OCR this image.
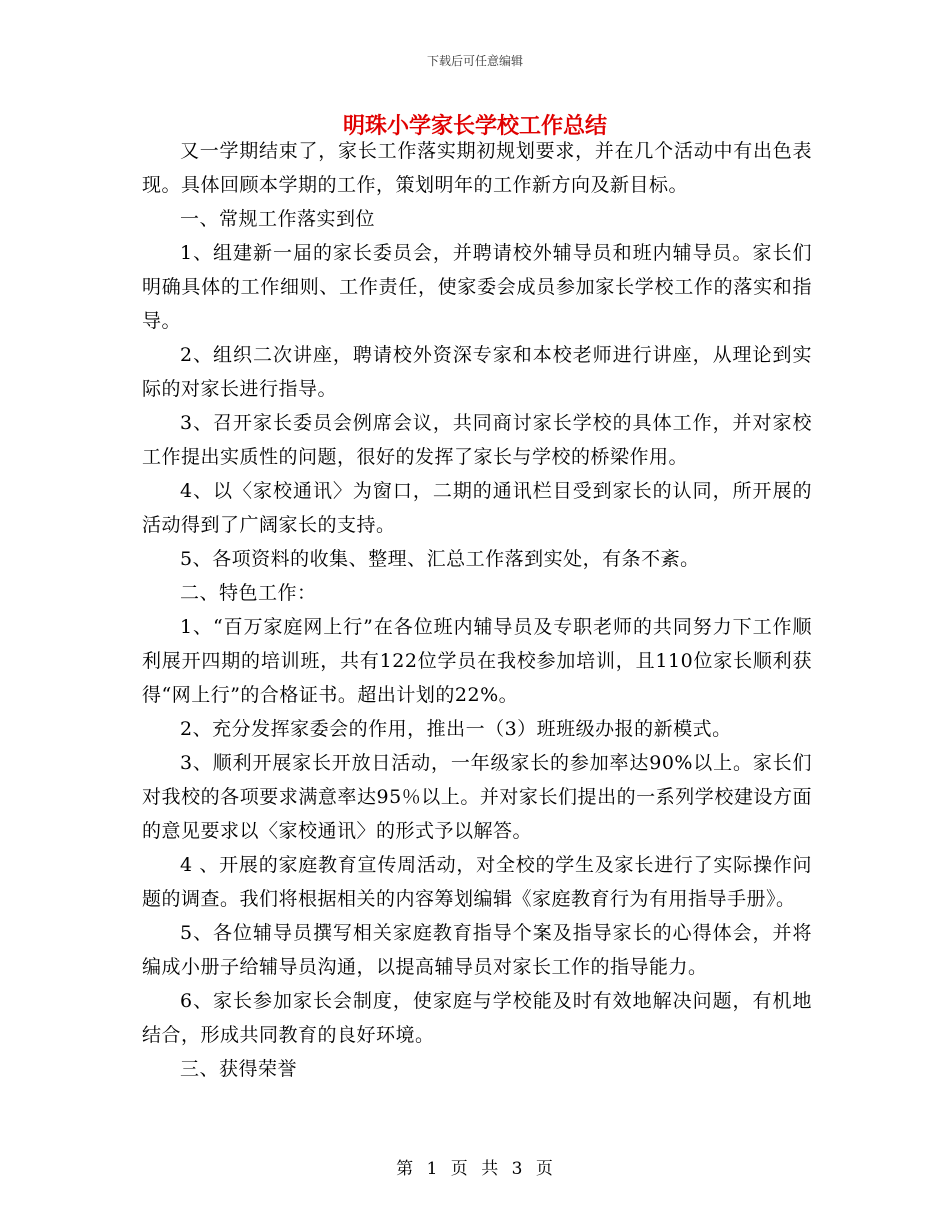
下载后可任意编辑
明珠小学家长学校工作总结

又一学期结束了，家长工作落实期初规划要求，并在几个活动中有出色表现。具体回顾本学期的工作，策划明年的工作新方向及新目标。

一、常规工作落实到位

1、组建新一届的家长委员会，并聘请校外辅导员和班内辅导员。家长们明确具体的工作细则、工作责任，使家委会成员参加家长学校工作的落实和指导。

2、组织二次讲座，聘请校外资深专家和本校老师进行讲座，从理论到实际的对家长进行指导。

3、召开家长委员会例席会议，共同商讨家长学校的具体工作，并对家校工作提出实质性的问题，很好的发挥了家长与学校的桥梁作用。

4、以〈家校通讯〉为窗口，二期的通讯栏目受到家长的认同，所开展的活动得到了广阔家长的支持。

5、各项资料的收集、整理、汇总工作落到实处，有条不紊。

二、特色工作：

1、“百万家庭网上行”在各位班内辅导员及专职老师的共同努力下工作顺利展开四期的培训班，共有122位学员在我校参加培训，且110位家长顺利获得“网上行”的合格证书。超出计划的22%。

2、充分发挥家委会的作用，推出一（3）班班级办报的新模式。

3、顺利开展家长开放日活动，一年级家长的参加率达90%以上。家长们对我校的各项要求满意率达95％以上。并对家长们提出的一系列学校建设方面的意见要求以〈家校通讯〉的形式予以解答。

4 、开展的家庭教育宣传周活动，对全校的学生及家长进行了实际操作问题的调查。我们将根据相关的内容筹划编辑《家庭教育行为有用指导手册》。

5、各位辅导员撰写相关家庭教育指导个案及指导家长的心得体会，并将编成小册子给辅导员沟通，以提高辅导员对家长工作的指导能力。

6、家长参加家长会制度，使家庭与学校能及时有效地解决问题，有机地结合，形成共同教育的良好环境。

三、获得荣誉

第 1 页 共 3 页
